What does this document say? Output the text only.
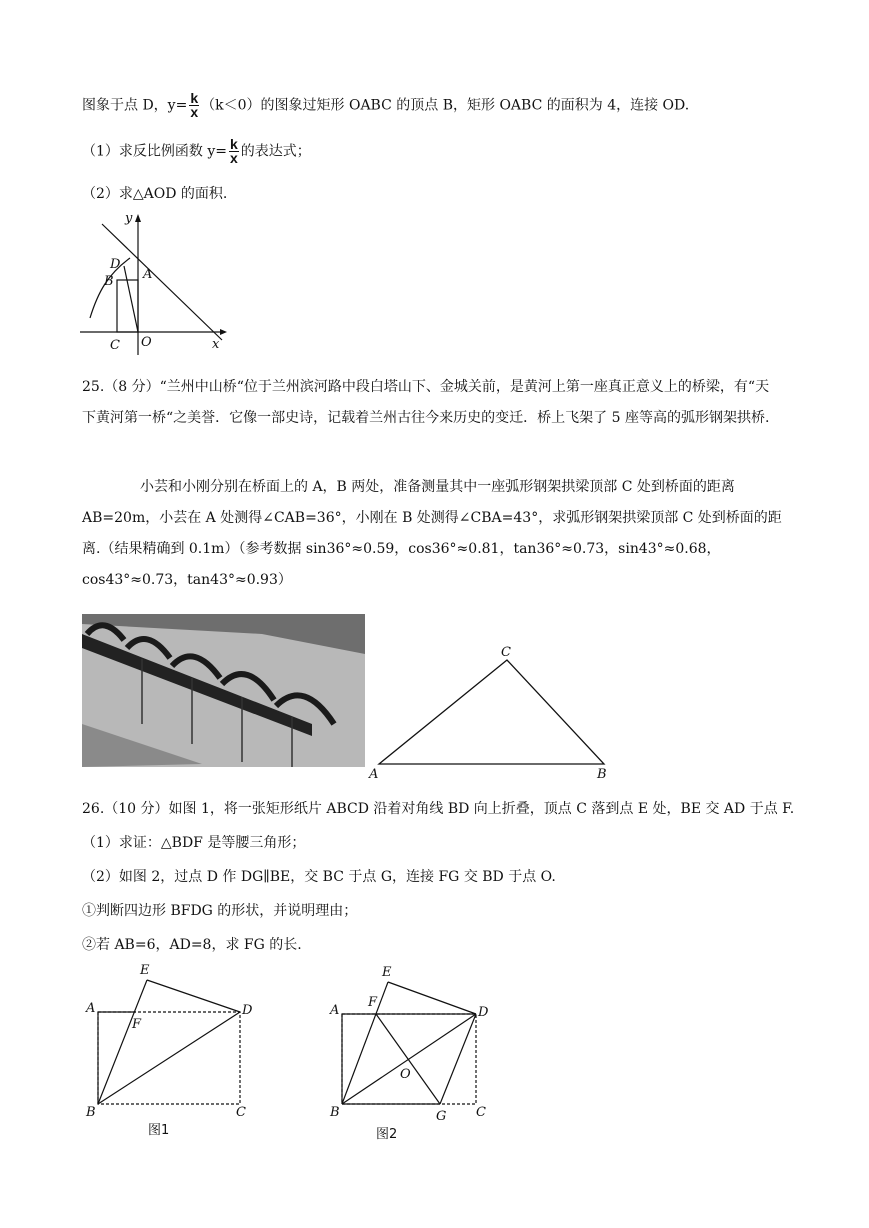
图象于点 D，$y= \frac{k}{x} (k<0)$的图象过矩形 OABC 的顶点 B，矩形 OABC 的面积为 4，连接 OD.
（1）求反比例函数 $y= \frac{k}{x}$ 的表达式；
（2）求△AOD 的面积.
y
x
D
A
B
C O
25.（8 分）“兰州中山桥“位于兰州滨河路中段白塔山下、金城关前，是黄河上第一座真正意义上的桥梁，有“天下黄河第一桥“之美誉．它像一部史诗，记载着兰州古往今来历史的变迁．桥上飞架了 5 座等高的弧形钢架拱桥.
小芸和小刚分别在桥面上的 A，B 两处，准备测量其中一座弧形钢架拱梁顶部 C 处到桥面的距离 AB=20m，小芸在 A 处测得∠CAB=36°，小刚在 B 处测得∠CBA=43°，求弧形钢架拱梁顶部 C 处到桥面的距离.（结果精确到 0.1m）（参考数据 sin36°≈0.59，cos36°≈0.81，tan36°≈0.73，sin43°≈0.68，cos43°≈0.73，tan43°≈0.93）
A	B
C
26.（10 分）如图 1，将一张矩形纸片 ABCD 沿着对角线 BD 向上折叠，顶点 C 落到点 E 处，BE 交 AD 于点 F.
（1）求证：△BDF 是等腰三角形；
（2）如图 2，过点 D 作 DG∥BE，交 BC 于点 G，连接 FG 交 BD 于点 O.
①判断四边形 BFDG 的形状，并说明理由；
②若 AB=6，AD=8，求 FG 的长.
A
E
F
D
B	C
图1
A
E
F
D
O
B	G C
图2
